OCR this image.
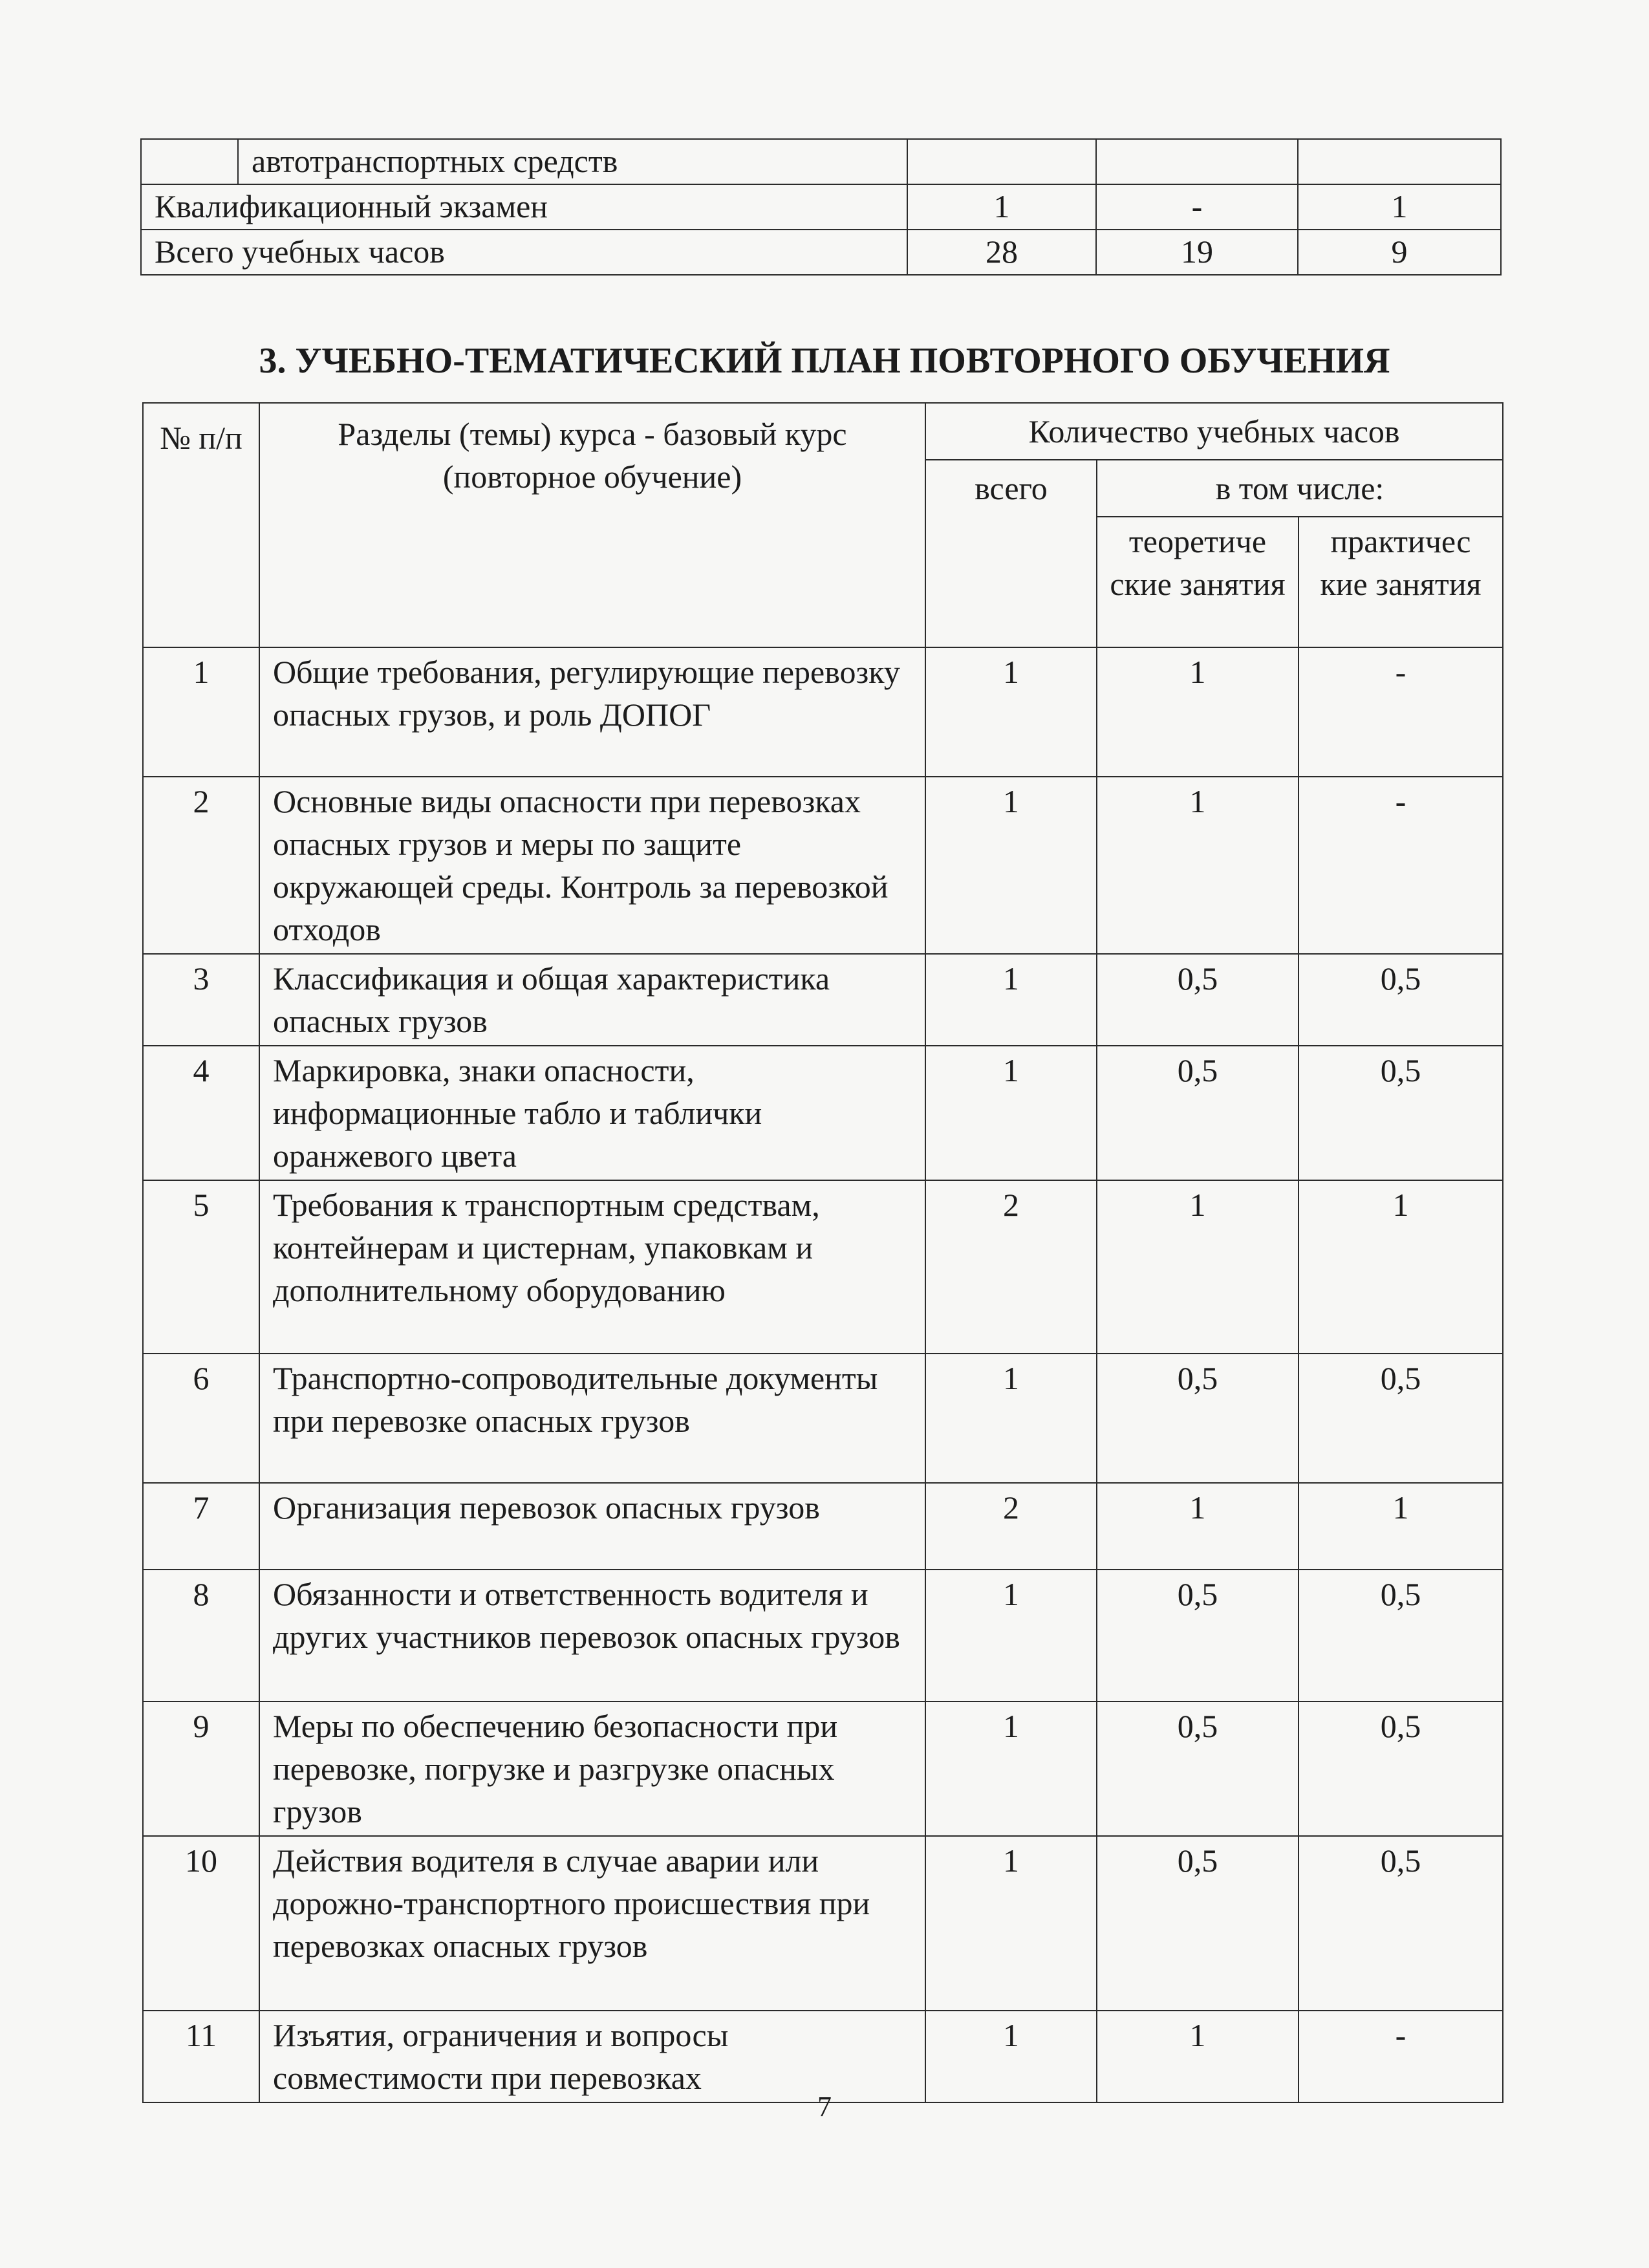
	автотранспортных средств			
Квалификационный экзамен		1	-	1
Всего учебных часов		28	19	9
3. УЧЕБНО-ТЕМАТИЧЕСКИЙ ПЛАН ПОВТОРНОГО ОБУЧЕНИЯ
№ п/п	Разделы (темы) курса - базовый курс (повторное обучение)	Количество учебных часов		
		всего	в том числе:	
			теоретиче ские занятия	практичес кие занятия
1	Общие требования, регулирующие перевозку опасных грузов, и роль ДОПОГ	1	1	-
2	Основные виды опасности при перевозках опасных грузов и меры по защите окружающей среды. Контроль за перевозкой отходов	1	1	-
3	Классификация и общая характеристика опасных грузов	1	0,5	0,5
4	Маркировка, знаки опасности, информационные табло и таблички оранжевого цвета	1	0,5	0,5
5	Требования к транспортным средствам, контейнерам и цистернам, упаковкам и дополнительному оборудованию	2	1	1
6	Транспортно-сопроводительные документы при перевозке опасных грузов	1	0,5	0,5
7	Организация перевозок опасных грузов	2	1	1
8	Обязанности и ответственность водителя и других участников перевозок опасных грузов	1	0,5	0,5
9	Меры по обеспечению безопасности при перевозке, погрузке и разгрузке опасных грузов	1	0,5	0,5
10	Действия водителя в случае аварии или дорожно-транспортного происшествия при перевозках опасных грузов	1	0,5	0,5
11	Изъятия, ограничения и вопросы совместимости при перевозках	1	1	-
7
